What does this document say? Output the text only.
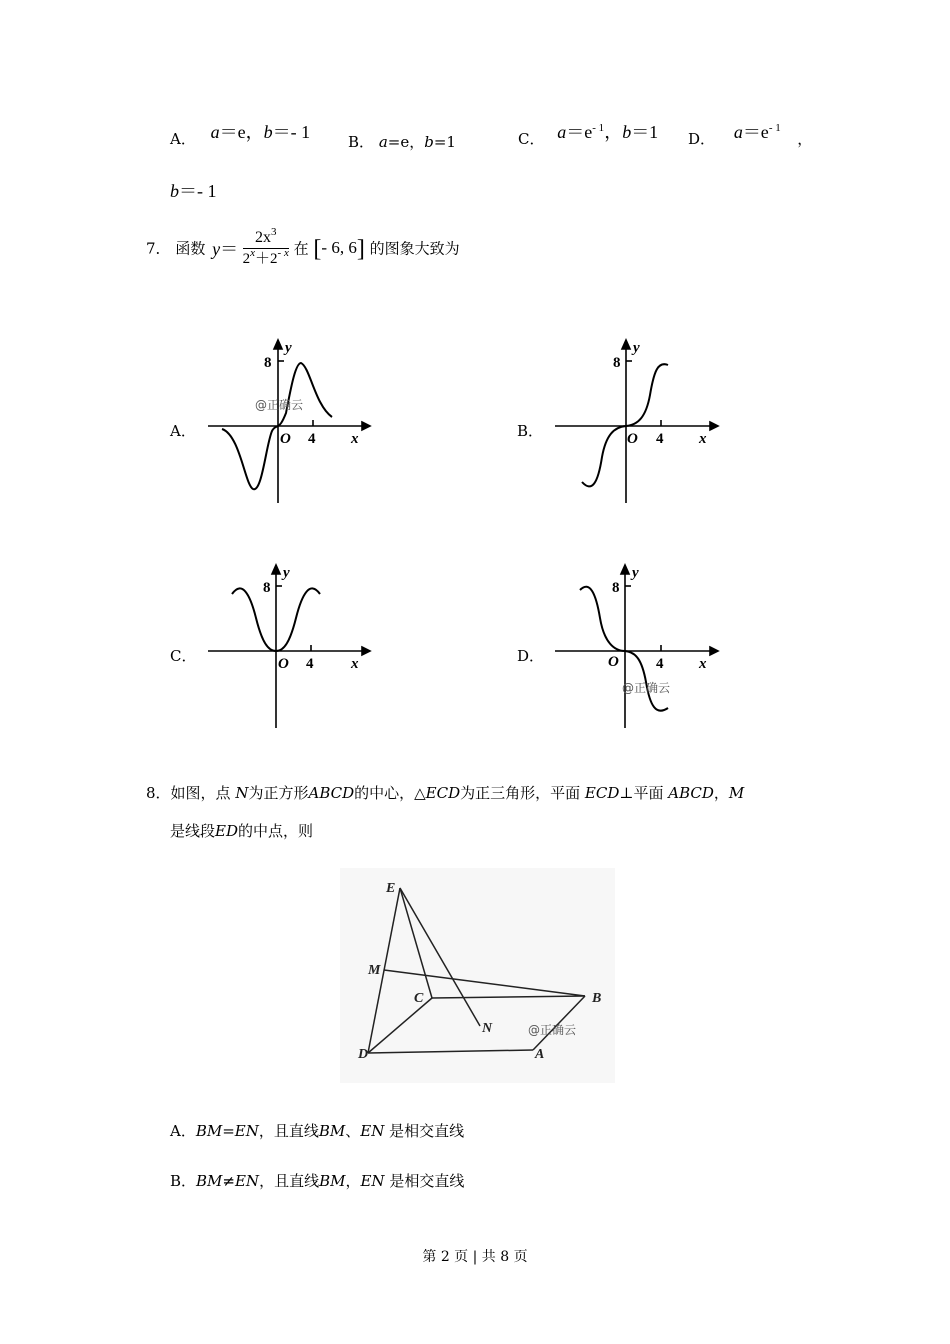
A． a＝e，b＝- 1	B． a=e，b=1	C． $a=e^{- 1}$，b＝1 D． $a=e^{- 1}$ ，
b＝- 1
7． 函数 $y= \frac{2x^3}{2^x+2^{- x}}$ 在 [- 6, 6] 的图象大致为
A．	B．
C．	D．
8
y
O 4 x
@正确云
8
y
O 4 x
8
y
O 4	x
8
y
O 4 x
@正确云
8．如图，点 N为正方形ABCD的中心，△ECD为正三角形，平面 ECD⊥平面 ABCD，M
是线段ED的中点，则
E
M
C	B
N
D	A
@正确云
A．BM=EN，且直线BM、EN 是相交直线
B．BM≠EN，且直线BM，EN 是相交直线
第 2 页 | 共 8 页
